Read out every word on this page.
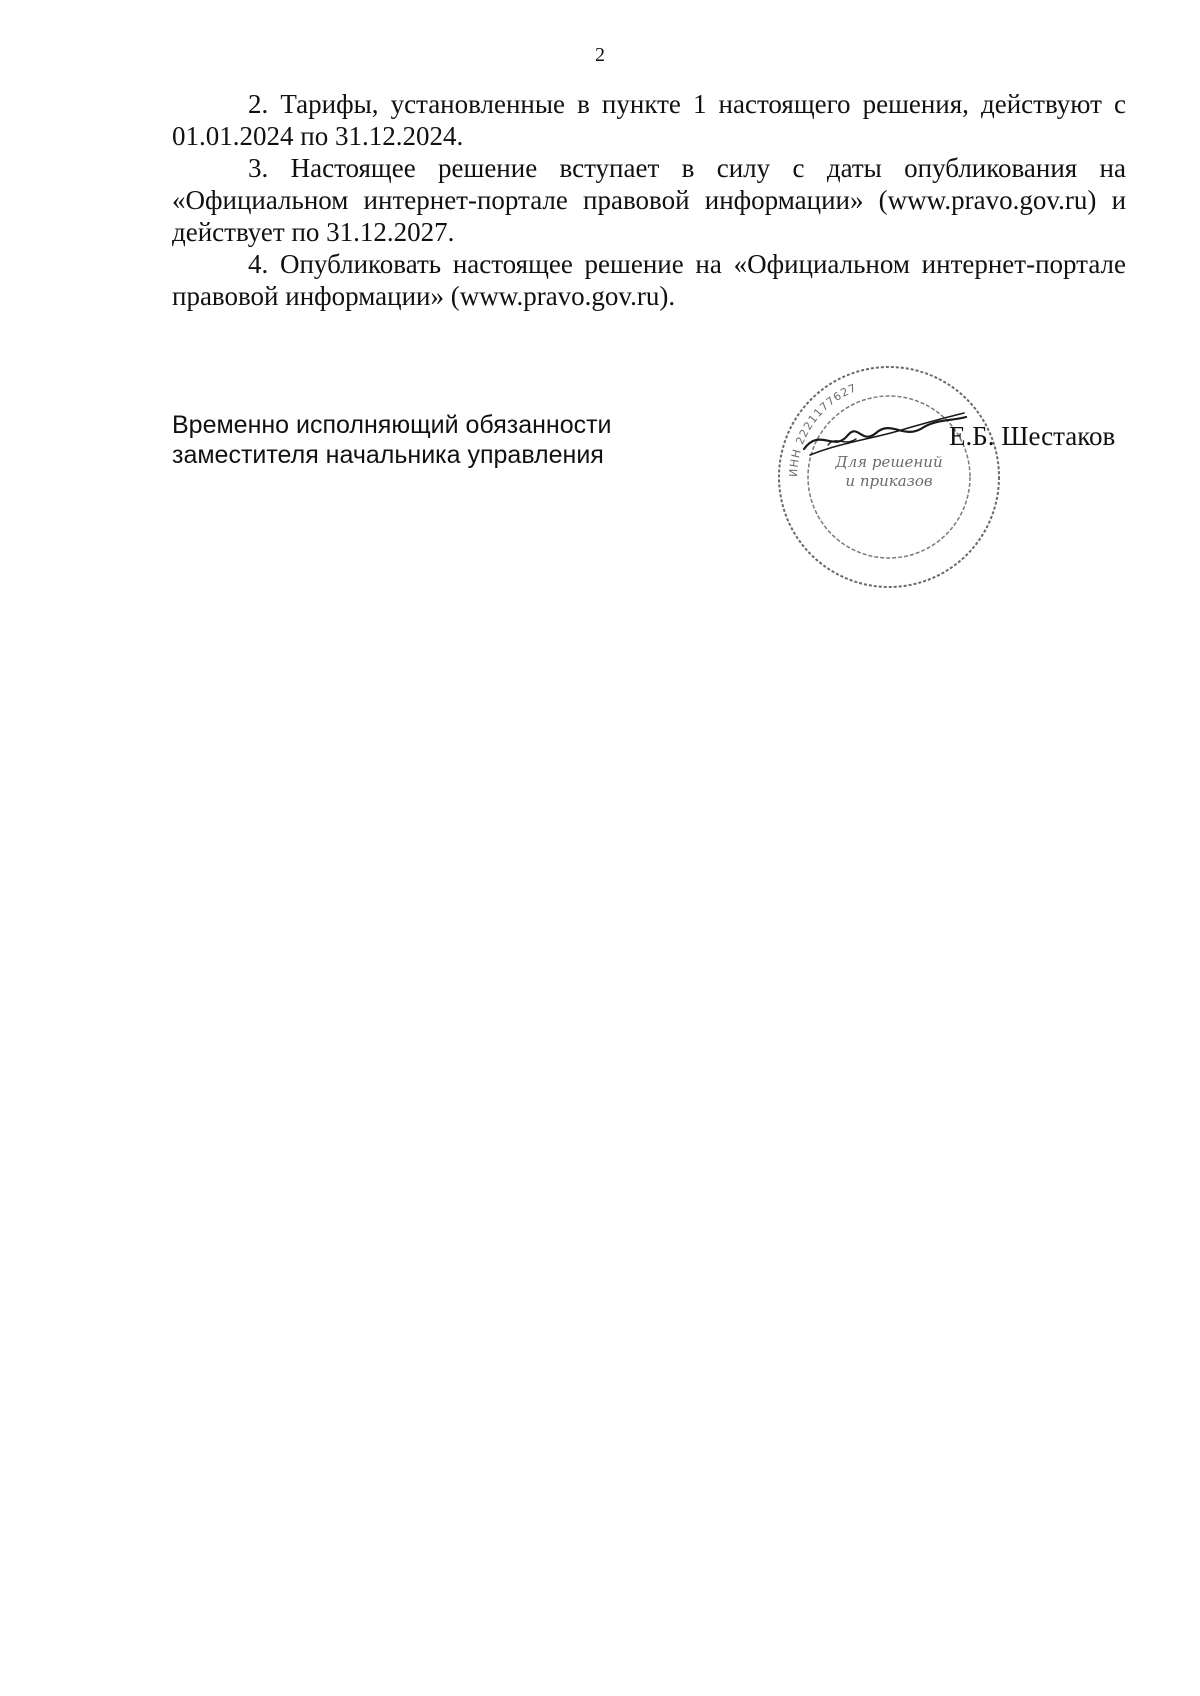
2

2. Тарифы, установленные в пункте 1 настоящего решения, действуют с 01.01.2024 по 31.12.2024.

3. Настоящее решение вступает в силу с даты опубликования на «Официальном интернет-портале правовой информации» (www.pravo.gov.ru) и действует по 31.12.2027.

4. Опубликовать настоящее решение на «Официальном интернет-портале правовой информации» (www.pravo.gov.ru).

Временно исполняющий обязанности
заместителя начальника управления
ИНН 2221177627
Для решений
и приказов
Е.Б. Шестаков
